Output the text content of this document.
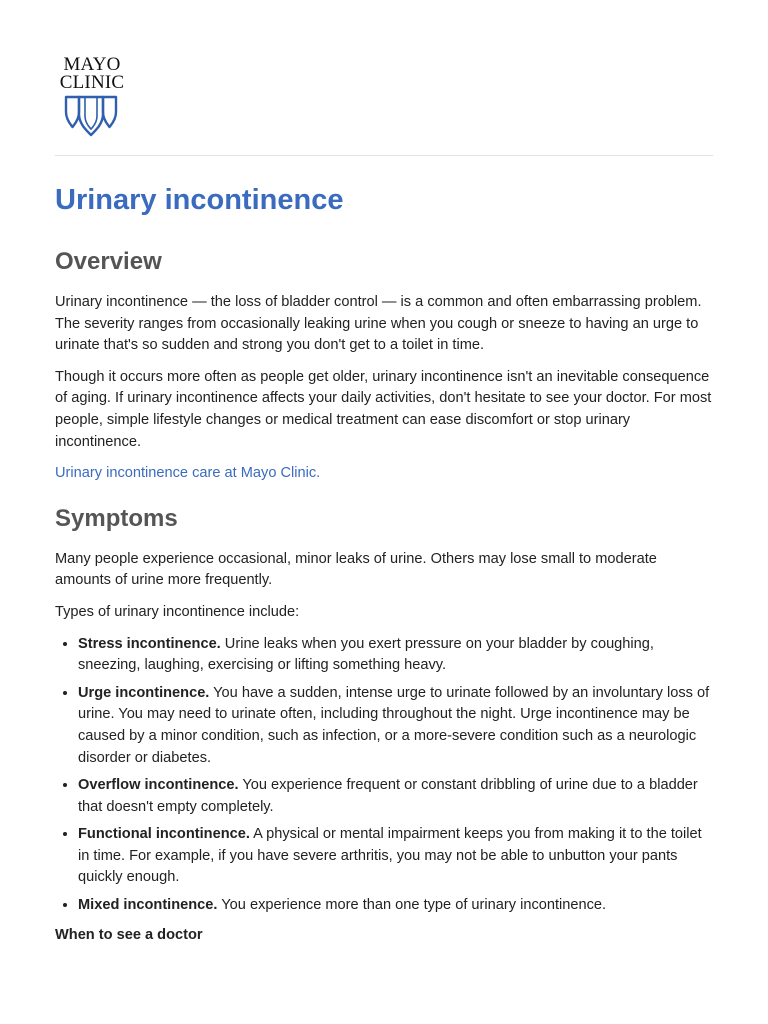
MAYO
CLINIC
Urinary incontinence
Overview

Urinary incontinence — the loss of bladder control — is a common and often embarrassing problem. The severity ranges from occasionally leaking urine when you cough or sneeze to having an urge to urinate that's so sudden and strong you don't get to a toilet in time.

Though it occurs more often as people get older, urinary incontinence isn't an inevitable consequence of aging. If urinary incontinence affects your daily activities, don't hesitate to see your doctor. For most people, simple lifestyle changes or medical treatment can ease discomfort or stop urinary incontinence.

Urinary incontinence care at Mayo Clinic.
Symptoms

Many people experience occasional, minor leaks of urine. Others may lose small to moderate amounts of urine more frequently.

Types of urinary incontinence include:

• Stress incontinence. Urine leaks when you exert pressure on your bladder by coughing, sneezing, laughing, exercising or lifting something heavy.
• Urge incontinence. You have a sudden, intense urge to urinate followed by an involuntary loss of urine. You may need to urinate often, including throughout the night. Urge incontinence may be caused by a minor condition, such as infection, or a more-severe condition such as a neurologic disorder or diabetes.
• Overflow incontinence. You experience frequent or constant dribbling of urine due to a bladder that doesn't empty completely.
• Functional incontinence. A physical or mental impairment keeps you from making it to the toilet in time. For example, if you have severe arthritis, you may not be able to unbutton your pants quickly enough.
• Mixed incontinence. You experience more than one type of urinary incontinence.
When to see a doctor
